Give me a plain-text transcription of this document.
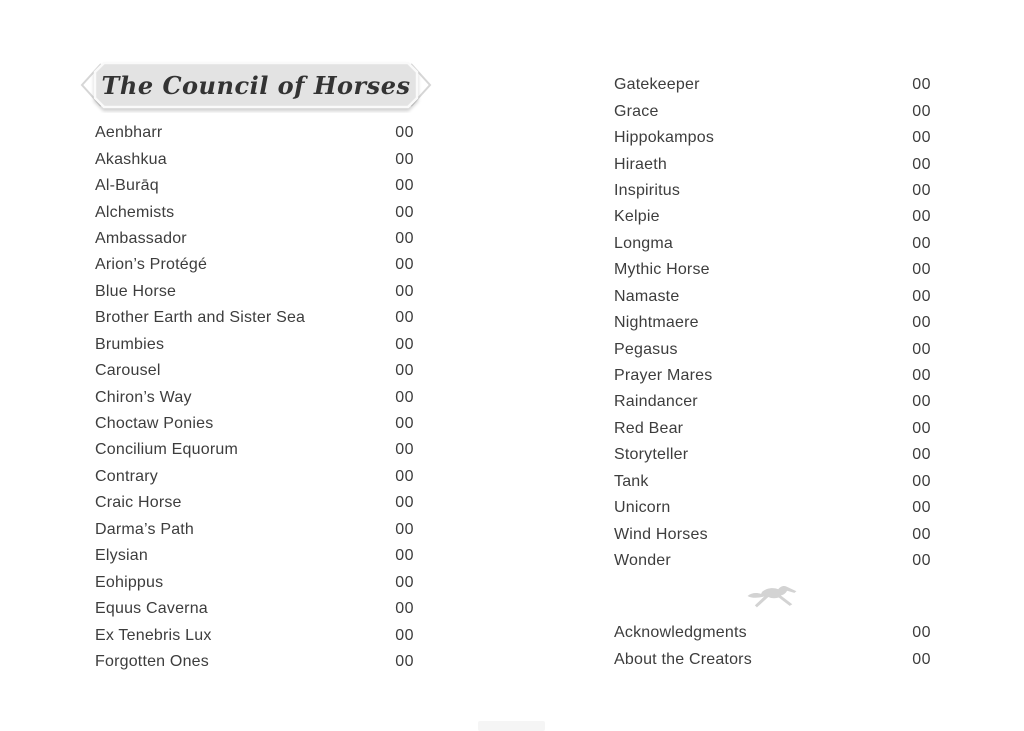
The Council of Horses
Aenbharr	00
Akashkua	00
Al-Burāq	00
Alchemists	00
Ambassador	00
Arion’s Protégé	00
Blue Horse	00
Brother Earth and Sister Sea	00
Brumbies	00
Carousel	00
Chiron’s Way	00
Choctaw Ponies	00
Concilium Equorum	00
Contrary	00
Craic Horse	00
Darma’s Path	00
Elysian	00
Eohippus	00
Equus Caverna	00
Ex Tenebris Lux	00
Forgotten Ones	00
Gatekeeper	00
Grace	00
Hippokampos	00
Hiraeth	00
Inspiritus	00
Kelpie	00
Longma	00
Mythic Horse	00
Namaste	00
Nightmaere	00
Pegasus	00
Prayer Mares	00
Raindancer	00
Red Bear	00
Storyteller	00
Tank	00
Unicorn	00
Wind Horses	00
Wonder	00
Acknowledgments	00
About the Creators	00
